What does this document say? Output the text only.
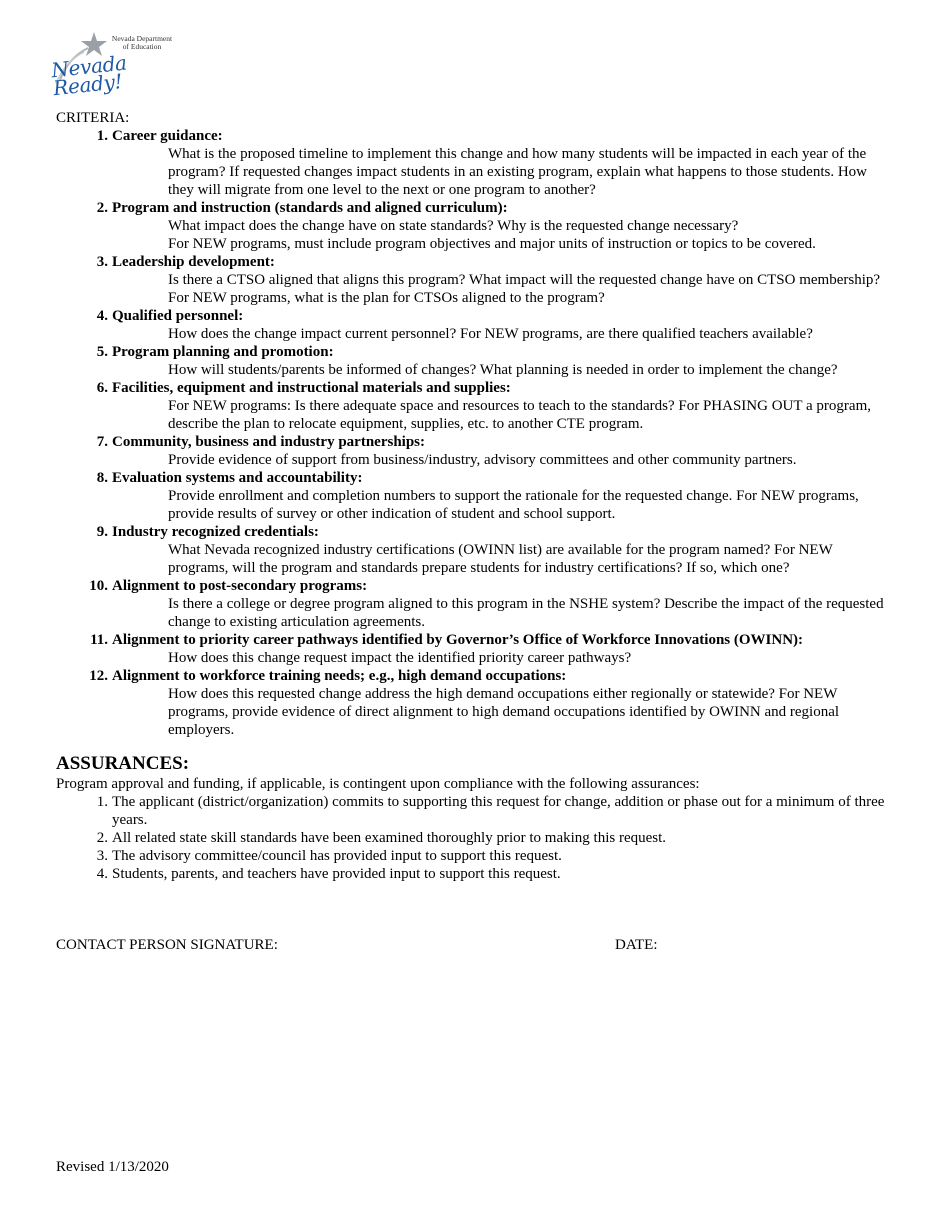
Nevada Department
of Education
Nevada Ready!

CRITERIA:

1. Career guidance:
What is the proposed timeline to implement this change and how many students will be impacted in each year of the program? If requested changes impact students in an existing program, explain what happens to those students. How they will migrate from one level to the next or one program to another?
2. Program and instruction (standards and aligned curriculum):
What impact does the change have on state standards? Why is the requested change necessary?
For NEW programs, must include program objectives and major units of instruction or topics to be covered.
3. Leadership development:
Is there a CTSO aligned that aligns this program? What impact will the requested change have on CTSO membership? For NEW programs, what is the plan for CTSOs aligned to the program?
4. Qualified personnel:
How does the change impact current personnel? For NEW programs, are there qualified teachers available?
5. Program planning and promotion:
How will students/parents be informed of changes? What planning is needed in order to implement the change?
6. Facilities, equipment and instructional materials and supplies:
For NEW programs: Is there adequate space and resources to teach to the standards? For PHASING OUT a program, describe the plan to relocate equipment, supplies, etc. to another CTE program.
7. Community, business and industry partnerships:
Provide evidence of support from business/industry, advisory committees and other community partners.
8. Evaluation systems and accountability:
Provide enrollment and completion numbers to support the rationale for the requested change. For NEW programs, provide results of survey or other indication of student and school support.
9. Industry recognized credentials:
What Nevada recognized industry certifications (OWINN list) are available for the program named? For NEW programs, will the program and standards prepare students for industry certifications? If so, which one?
10. Alignment to post-secondary programs:
Is there a college or degree program aligned to this program in the NSHE system? Describe the impact of the requested change to existing articulation agreements.
11. Alignment to priority career pathways identified by Governor’s Office of Workforce Innovations (OWINN):
How does this change request impact the identified priority career pathways?
12. Alignment to workforce training needs; e.g., high demand occupations:
How does this requested change address the high demand occupations either regionally or statewide? For NEW programs, provide evidence of direct alignment to high demand occupations identified by OWINN and regional employers.
ASSURANCES:

Program approval and funding, if applicable, is contingent upon compliance with the following assurances:

1. The applicant (district/organization) commits to supporting this request for change, addition or phase out for a minimum of three years.
2. All related state skill standards have been examined thoroughly prior to making this request.
3. The advisory committee/council has provided input to support this request.
4. Students, parents, and teachers have provided input to support this request.
CONTACT PERSON SIGNATURE:	DATE:
Revised 1/13/2020
